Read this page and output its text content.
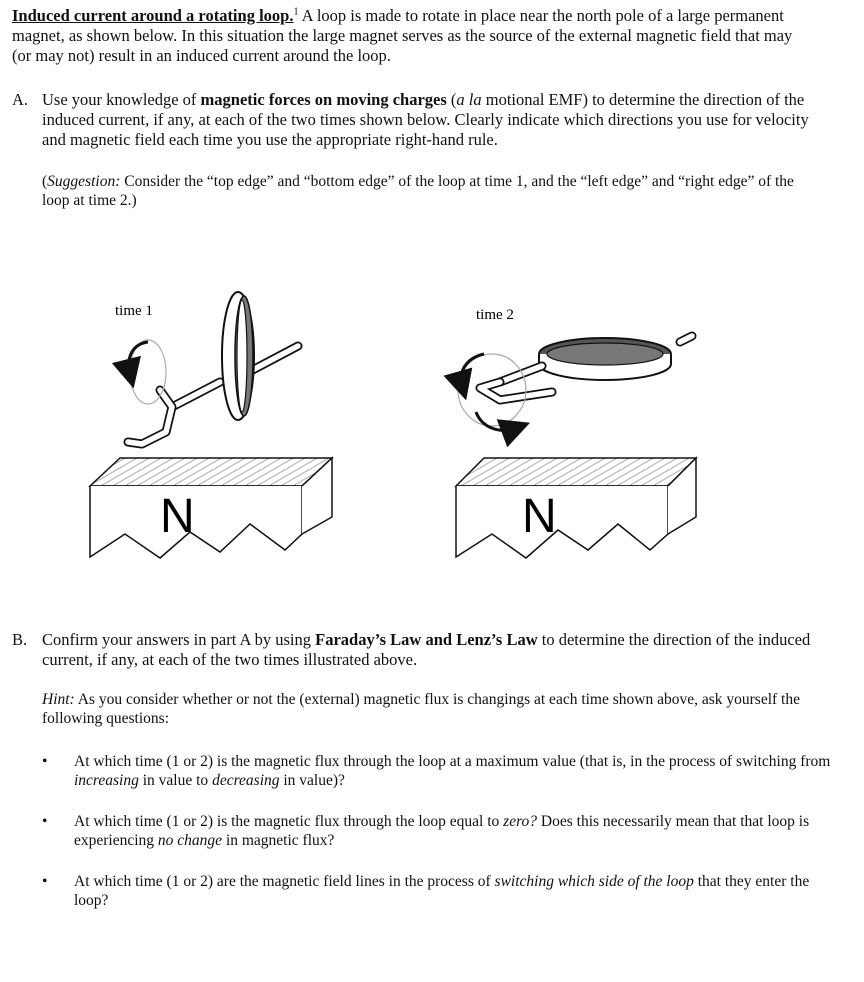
Induced current around a rotating loop.$^1$ A loop is made to rotate in place near the north pole of a large permanent magnet, as shown below. In this situation the large magnet serves as the source of the external magnetic field that may (or may not) result in an induced current around the loop.

A. Use your knowledge of magnetic forces on moving charges (a la motional EMF) to determine the direction of the induced current, if any, at each of the two times shown below. Clearly indicate which directions you use for velocity and magnetic field each time you use the appropriate right-hand rule.
(Suggestion: Consider the “top edge” and “bottom edge” of the loop at time 1, and the “left edge” and “right edge” of the loop at time 2.)
time 1
N
time 2
N
B. Confirm your answers in part A by using Faraday’s Law and Lenz’s Law to determine the direction of the induced current, if any, at each of the two times illustrated above.
Hint: As you consider whether or not the (external) magnetic flux is changings at each time shown above, ask yourself the following questions:
• At which time (1 or 2) is the magnetic flux through the loop at a maximum value (that is, in the process of switching from increasing in value to decreasing in value)?
• At which time (1 or 2) is the magnetic flux through the loop equal to zero? Does this necessarily mean that that loop is experiencing no change in magnetic flux?
• At which time (1 or 2) are the magnetic field lines in the process of switching which side of the loop that they enter the loop?
